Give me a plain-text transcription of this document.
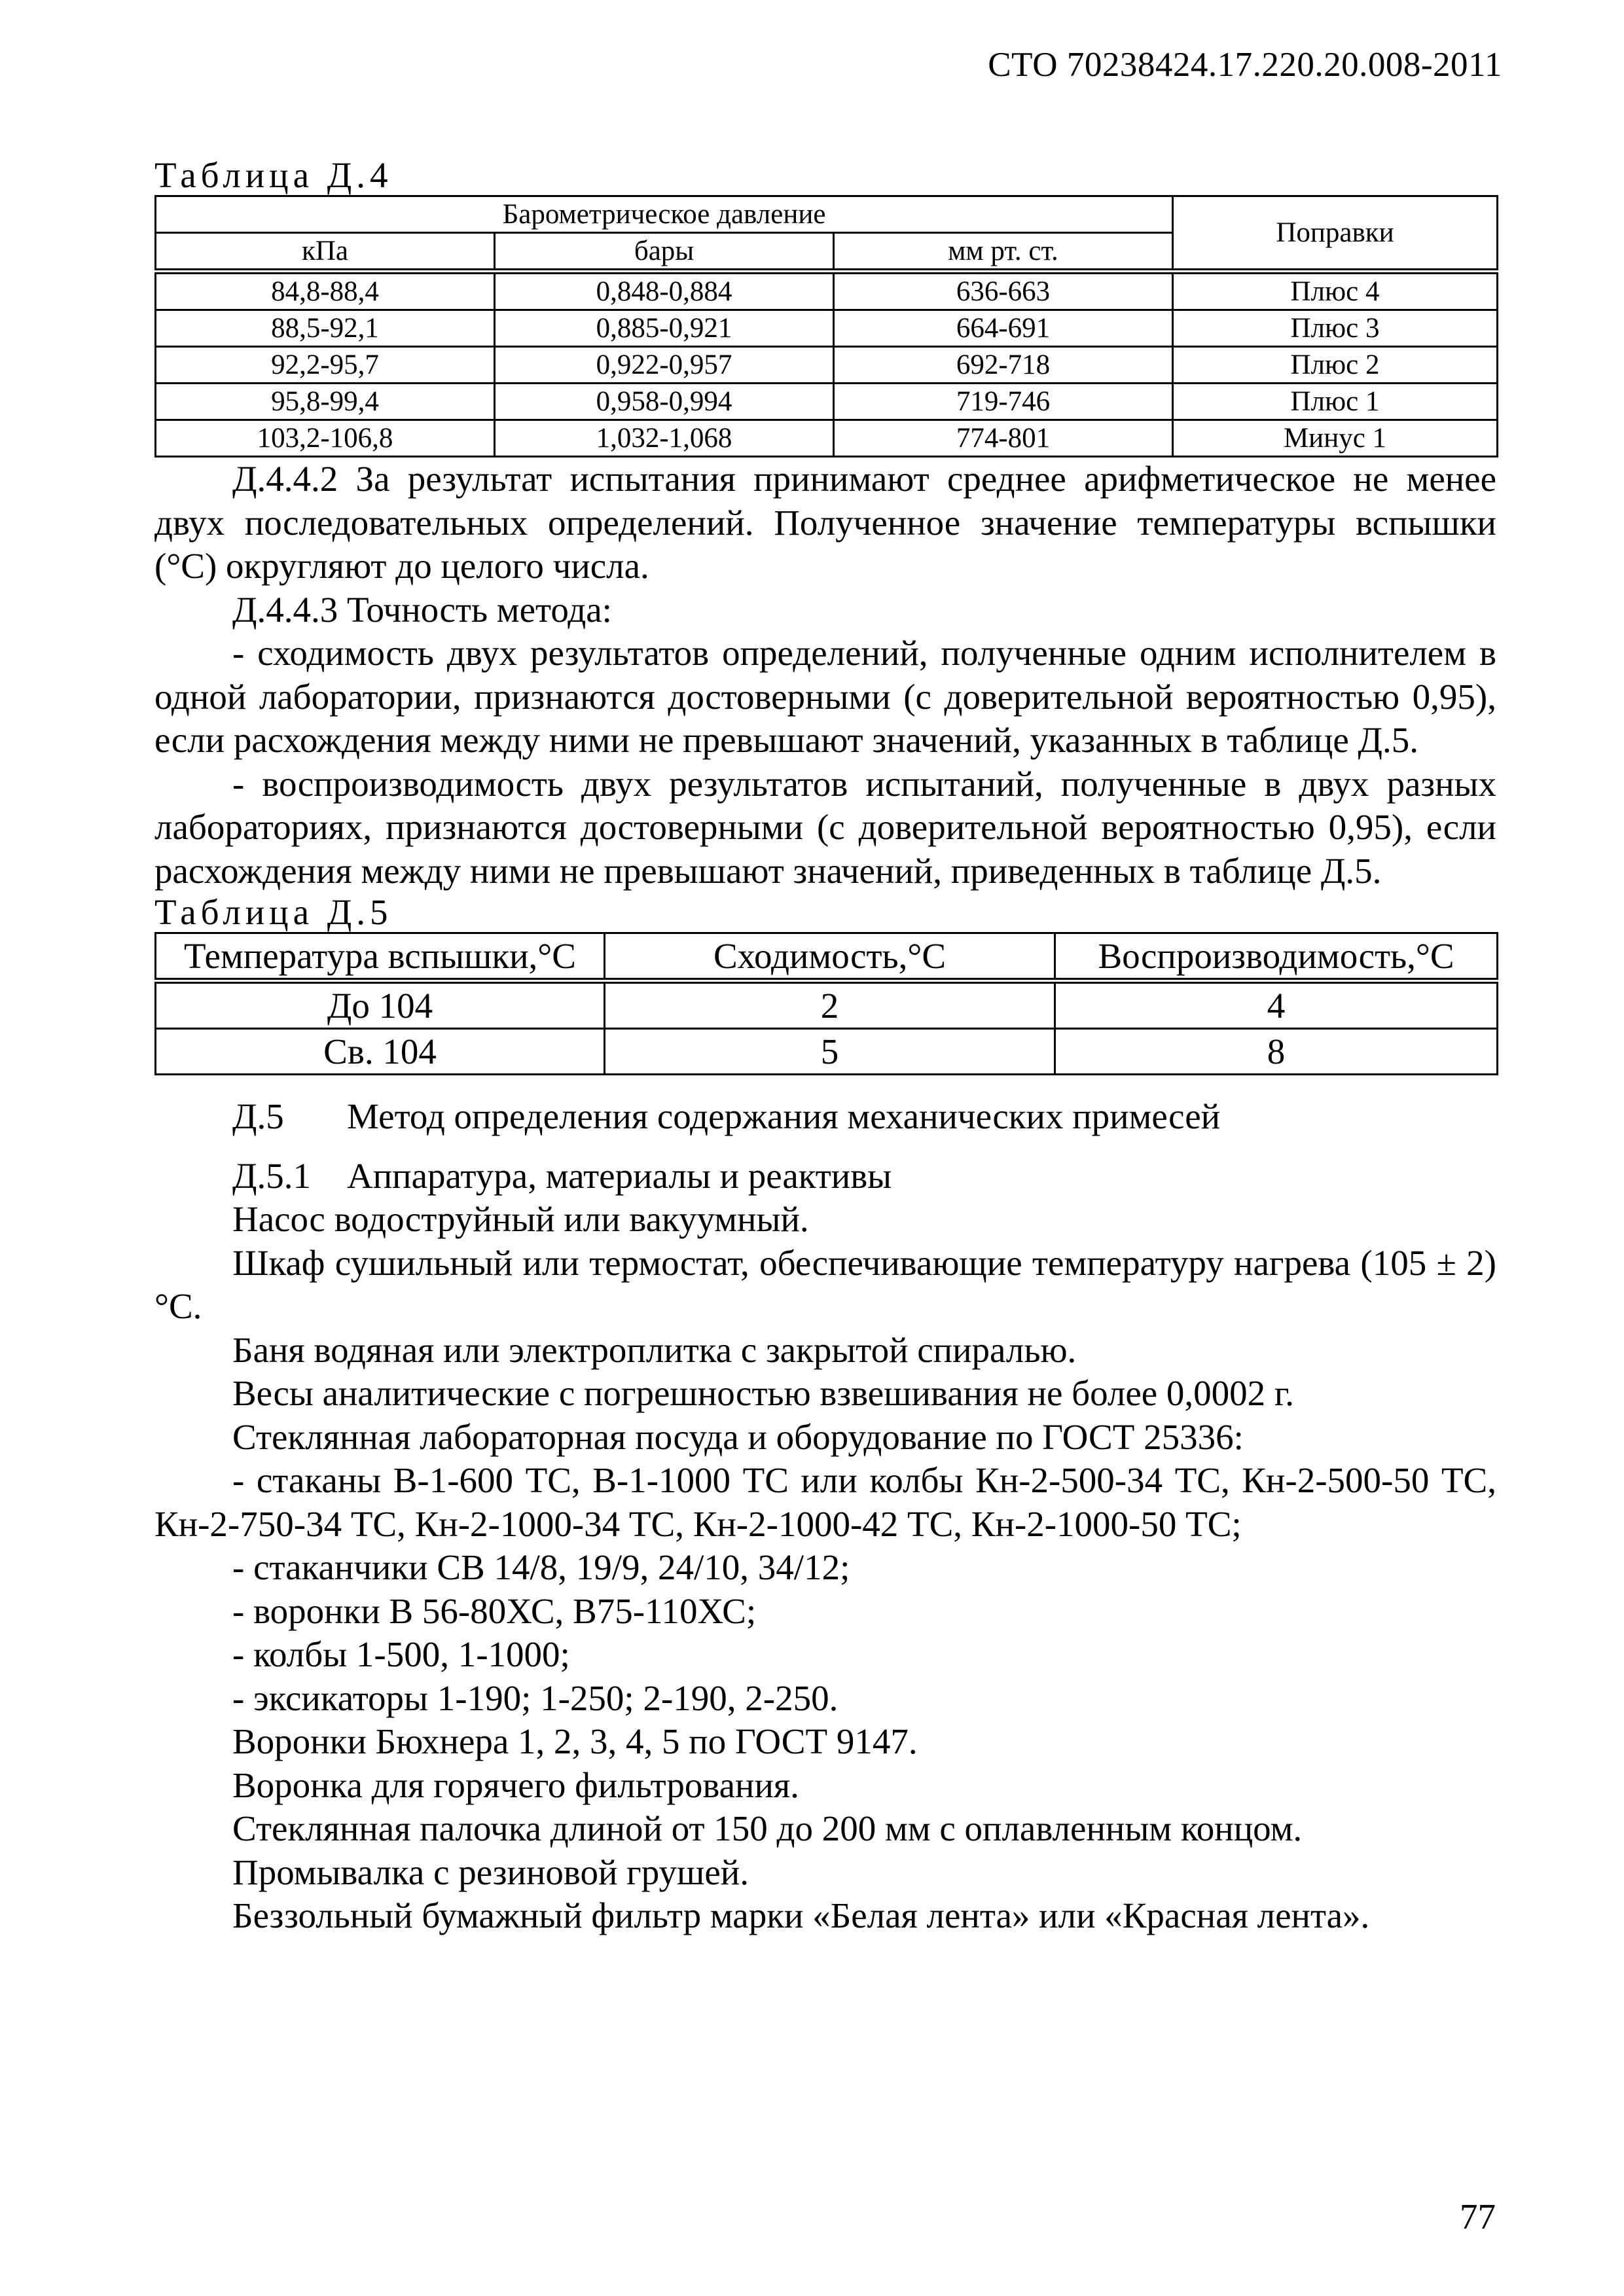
СТО 70238424.17.220.20.008-2011
Таблица Д.4
Барометрическое давление			Поправки
кПа	бары	мм рт. ст.	
84,8-88,4	0,848-0,884	636-663	Плюс 4
88,5-92,1	0,885-0,921	664-691	Плюс 3
92,2-95,7	0,922-0,957	692-718	Плюс 2
95,8-99,4	0,958-0,994	719-746	Плюс 1
103,2-106,8	1,032-1,068	774-801	Минус 1

Д.4.4.2 За результат испытания принимают среднее арифметическое не менее двух последовательных определений. Полученное значение температуры вспышки (°С) округляют до целого числа.

Д.4.4.3 Точность метода:

- сходимость двух результатов определений, полученные одним исполнителем в одной лаборатории, признаются достоверными (с доверительной вероятностью 0,95), если расхождения между ними не превышают значений, указанных в таблице Д.5.

- воспроизводимость двух результатов испытаний, полученные в двух разных лабораториях, признаются достоверными (с доверительной вероятностью 0,95), если расхождения между ними не превышают значений, приведенных в таблице Д.5.

Таблица Д.5
Температура вспышки,°С	Сходимость,°С	Воспроизводимость,°С
До 104	2	4
Св. 104	5	8

Д.5 Метод определения содержания механических примесей

Д.5.1 Аппаратура, материалы и реактивы

Насос водоструйный или вакуумный.

Шкаф сушильный или термостат, обеспечивающие температуру нагрева (105 ± 2)°С.

Баня водяная или электроплитка с закрытой спиралью.

Весы аналитические с погрешностью взвешивания не более 0,0002 г.

Стеклянная лабораторная посуда и оборудование по ГОСТ 25336:

- стаканы В-1-600 ТС, В-1-1000 ТС или колбы Кн-2-500-34 ТС, Кн-2-500-50 ТС, Кн-2-750-34 ТС, Кн-2-1000-34 ТС, Кн-2-1000-42 ТС, Кн-2-1000-50 ТС;

- стаканчики СВ 14/8, 19/9, 24/10, 34/12;

- воронки В 56-80ХС, В75-110ХС;

- колбы 1-500, 1-1000;

- эксикаторы 1-190; 1-250; 2-190, 2-250.

Воронки Бюхнера 1, 2, 3, 4, 5 по ГОСТ 9147.

Воронка для горячего фильтрования.

Стеклянная палочка длиной от 150 до 200 мм с оплавленным концом.

Промывалка с резиновой грушей.

Беззольный бумажный фильтр марки «Белая лента» или «Красная лента».

77
